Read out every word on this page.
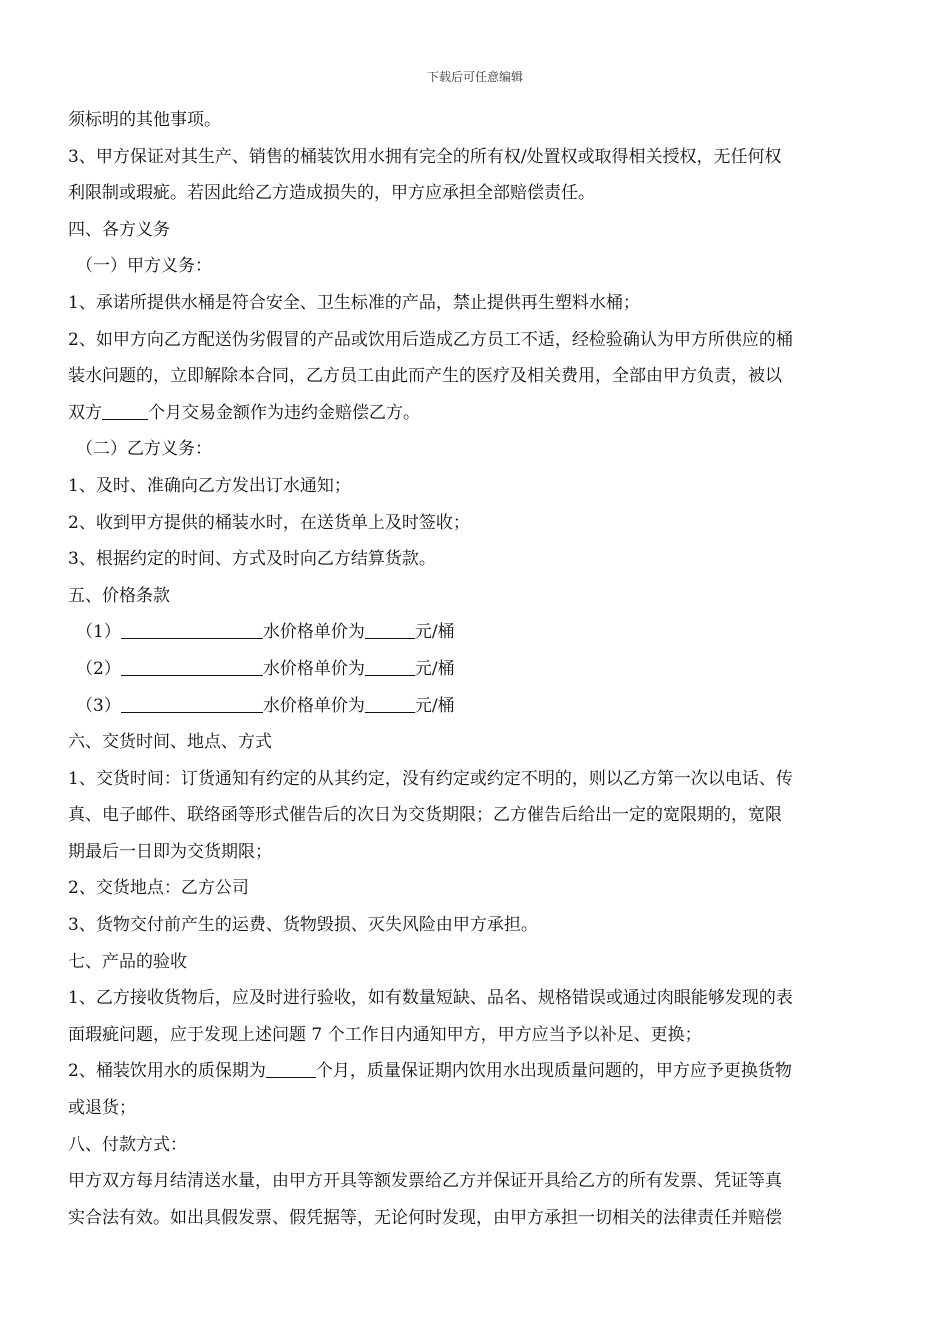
下载后可任意编辑

须标明的其他事项。

3、甲方保证对其生产、销售的桶装饮用水拥有完全的所有权/处置权或取得相关授权，无任何权

利限制或瑕疵。若因此给乙方造成损失的，甲方应承担全部赔偿责任。

四、各方义务

（一）甲方义务：

1、承诺所提供水桶是符合安全、卫生标准的产品，禁止提供再生塑料水桶；

2、如甲方向乙方配送伪劣假冒的产品或饮用后造成乙方员工不适，经检验确认为甲方所供应的桶

装水问题的，立即解除本合同，乙方员工由此而产生的医疗及相关费用，全部由甲方负责，被以

双方	个月交易金额作为违约金赔偿乙方。

（二）乙方义务：

1、及时、准确向乙方发出订水通知；

2、收到甲方提供的桶装水时，在送货单上及时签收；

3、根据约定的时间、方式及时向乙方结算货款。

五、价格条款

（1）	水价格单价为	元/桶

（2）	水价格单价为	元/桶

（3）	水价格单价为	元/桶

六、交货时间、地点、方式

1、交货时间：订货通知有约定的从其约定，没有约定或约定不明的，则以乙方第一次以电话、传

真、电子邮件、联络函等形式催告后的次日为交货期限；乙方催告后给出一定的宽限期的，宽限

期最后一日即为交货期限；

2、交货地点：乙方公司

3、货物交付前产生的运费、货物毁损、灭失风险由甲方承担。

七、产品的验收

1、乙方接收货物后，应及时进行验收，如有数量短缺、品名、规格错误或通过肉眼能够发现的表

面瑕疵问题，应于发现上述问题 7 个工作日内通知甲方，甲方应当予以补足、更换；

2、桶装饮用水的质保期为	个月，质量保证期内饮用水出现质量问题的，甲方应予更换货物

或退货；

八、付款方式：

甲方双方每月结清送水量，由甲方开具等额发票给乙方并保证开具给乙方的所有发票、凭证等真

实合法有效。如出具假发票、假凭据等，无论何时发现，由甲方承担一切相关的法律责任并赔偿
